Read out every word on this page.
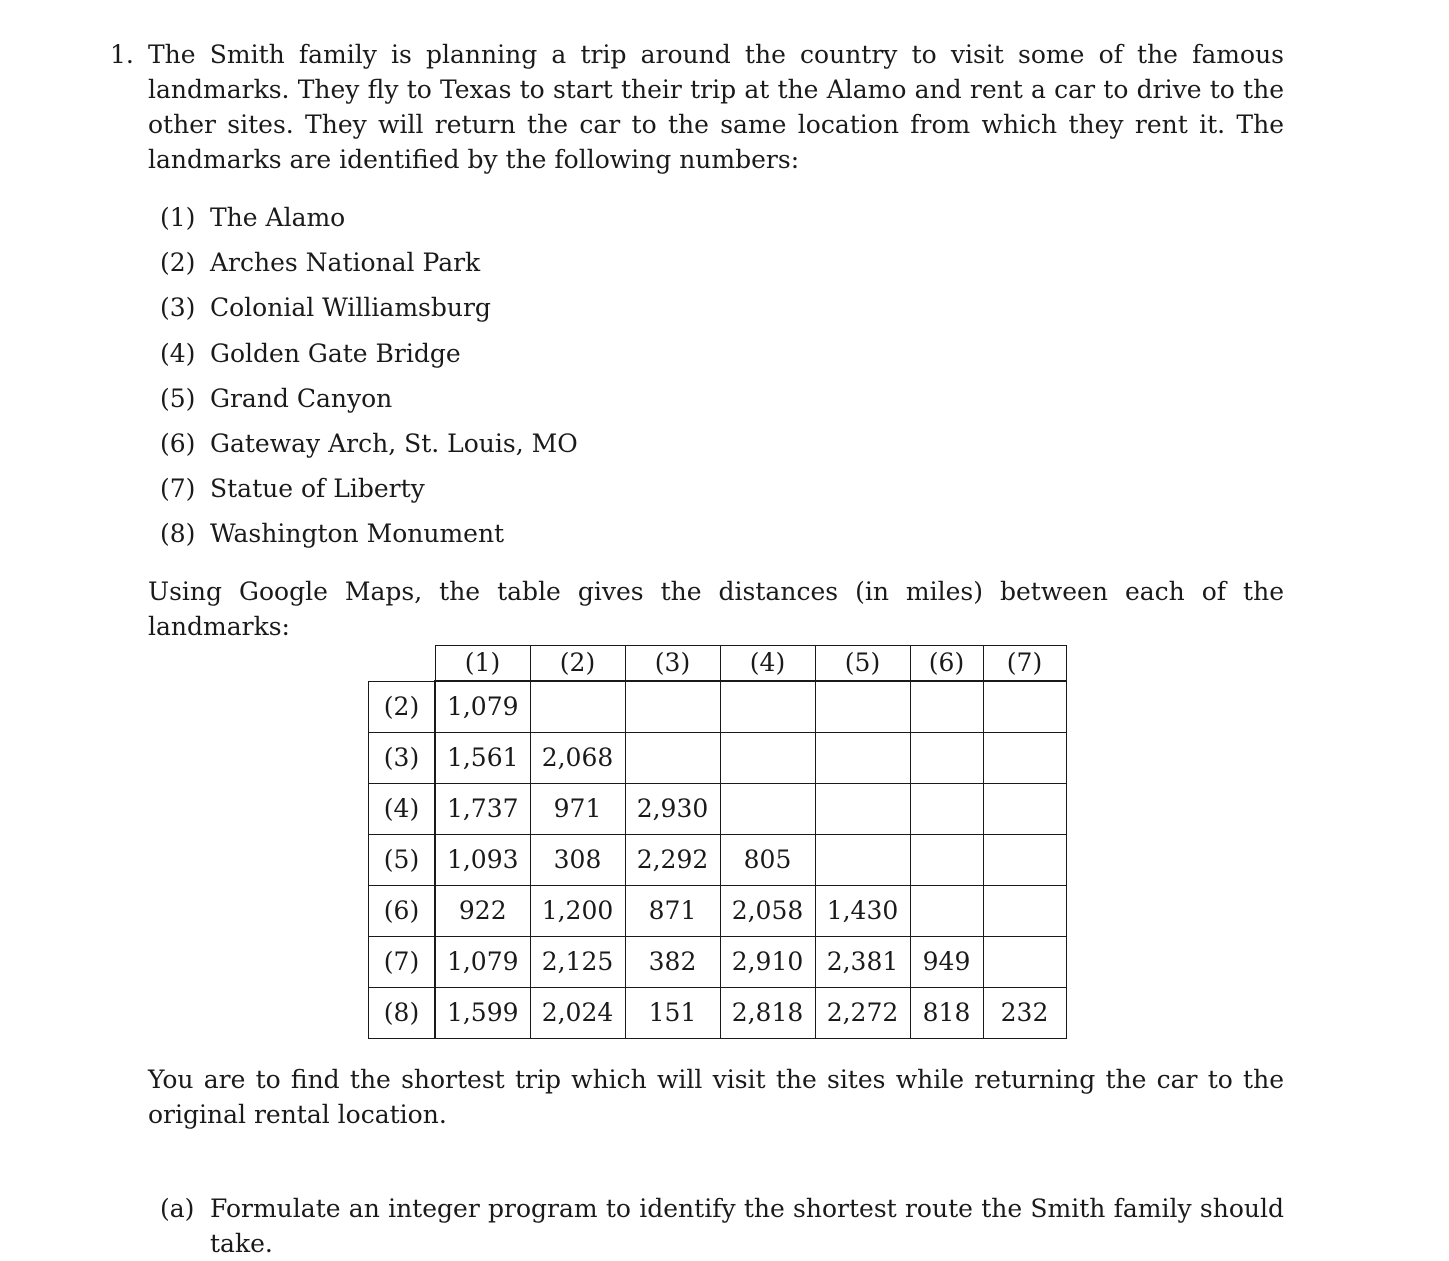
1. The Smith family is planning a trip around the country to visit some of the famous landmarks. They fly to Texas to start their trip at the Alamo and rent a car to drive to the other sites. They will return the car to the same location from which they rent it. The landmarks are identified by the following numbers:

(1) The Alamo
(2) Arches National Park
(3) Colonial Williamsburg
(4) Golden Gate Bridge
(5) Grand Canyon
(6) Gateway Arch, St. Louis, MO
(7) Statue of Liberty
(8) Washington Monument

Using Google Maps, the table gives the distances (in miles) between each of the landmarks:

	(1)	(2)	(3)	(4)	(5)	(6)	(7)
(2)	1,079						
(3)	1,561	2,068					
(4)	1,737	971	2,930				
(5)	1,093	308	2,292	805			
(6)	922	1,200	871	2,058	1,430		
(7)	1,079	2,125	382	2,910	2,381	949	
(8)	1,599	2,024	151	2,818	2,272	818	232

You are to find the shortest trip which will visit the sites while returning the car to the original rental location.

(a) Formulate an integer program to identify the shortest route the Smith family should take.
